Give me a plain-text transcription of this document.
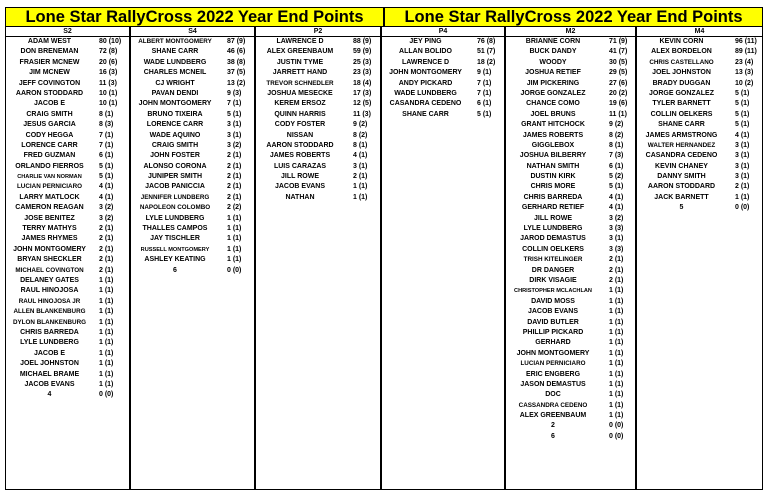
Lone Star RallyCross 2022 Year End Points	Lone Star RallyCross 2022 Year End Points
S2
ADAM WEST	80 (10)
DON BRENEMAN	72 (8)
FRASIER MCNEW	20 (6)
JIM MCNEW	16 (3)
JEFF COVINGTON	11 (3)
AARON STODDARD	10 (1)
JACOB E	10 (1)
CRAIG SMITH	8 (1)
JESUS GARCIA	8 (3)
CODY HEGGA	7 (1)
LORENCE CARR	7 (1)
FRED GUZMAN	6 (1)
ORLANDO FIERROS	5 (1)
CHARLIE VAN NORMAN	5 (1)
LUCIAN PERNICIARO	4 (1)
LARRY MATLOCK	4 (1)
CAMERON REAGAN	3 (2)
JOSE BENITEZ	3 (2)
TERRY MATHYS	2 (1)
JAMES RHYMES	2 (1)
JOHN MONTGOMERY	2 (1)
BRYAN SHECKLER	2 (1)
MICHAEL COVINGTON	2 (1)
DELANEY GATES	1 (1)
RAUL HINOJOSA	1 (1)
RAUL HINOJOSA JR	1 (1)
ALLEN BLANKENBURG	1 (1)
DYLON BLANKENBURG	1 (1)
CHRIS BARREDA	1 (1)
LYLE LUNDBERG	1 (1)
JACOB E	1 (1)
JOEL JOHNSTON	1 (1)
MICHAEL BRAME	1 (1)
JACOB EVANS	1 (1)
4	0 (0)
S4
ALBERT MONTGOMERY	87 (9)
SHANE CARR	46 (6)
WADE LUNDBERG	38 (8)
CHARLES MCNEIL	37 (5)
CJ WRIGHT	13 (2)
PAVAN DENDI	9 (3)
JOHN MONTGOMERY	7 (1)
BRUNO TIXEIRA	5 (1)
LORENCE CARR	3 (1)
WADE AQUINO	3 (1)
CRAIG SMITH	3 (2)
JOHN FOSTER	2 (1)
ALONSO CORONA	2 (1)
JUNIPER SMITH	2 (1)
JACOB PANICCIA	2 (1)
JENNIFER LUNDBERG	2 (1)
NAPOLEON COLOMBO	2 (2)
LYLE LUNDBERG	1 (1)
THALLES CAMPOS	1 (1)
JAY TISCHLER	1 (1)
RUSSELL MONTGOMERY	1 (1)
ASHLEY KEATING	1 (1)
6	0 (0)
P2
LAWRENCE D	88 (9)
ALEX GREENBAUM	59 (9)
JUSTIN TYME	25 (3)
JARRETT HAND	23 (3)
TREVOR SCHNEDLER	18 (4)
JOSHUA MESECKE	17 (3)
KEREM ERSOZ	12 (5)
QUINN HARRIS	11 (3)
CODY FOSTER	9 (2)
NISSAN	8 (2)
AARON STODDARD	8 (1)
JAMES ROBERTS	4 (1)
LUIS CARAZAS	3 (1)
JILL ROWE	2 (1)
JACOB EVANS	1 (1)
NATHAN	1 (1)
P4
JEY PING	76 (8)
ALLAN BOLIDO	51 (7)
LAWRENCE D	18 (2)
JOHN MONTGOMERY	9 (1)
ANDY PICKARD	7 (1)
WADE LUNDBERG	7 (1)
CASANDRA CEDENO	6 (1)
SHANE CARR	5 (1)
M2
BRIANNE CORN	71 (9)
BUCK DANDY	41 (7)
WOODY	30 (5)
JOSHUA RETIEF	29 (5)
JIM PICKERING	27 (6)
JORGE GONZALEZ	20 (2)
CHANCE COMO	19 (6)
JOEL BRUNS	11 (1)
GRANT HITCHOCK	9 (2)
JAMES ROBERTS	8 (2)
GIGGLEBOX	8 (1)
JOSHUA BILBERRY	7 (3)
NATHAN SMITH	6 (1)
DUSTIN KIRK	5 (2)
CHRIS MORE	5 (1)
CHRIS BARREDA	4 (1)
GERHARD RETIEF	4 (1)
JILL ROWE	3 (2)
LYLE LUNDBERG	3 (3)
JAROD DEMASTUS	3 (1)
COLLIN OELKERS	3 (3)
TRISH KITELINGER	2 (1)
DR DANGER	2 (1)
DIRK VISAGIE	2 (1)
CHRISTOPHER MCLACHLAN	1 (1)
DAVID MOSS	1 (1)
JACOB EVANS	1 (1)
DAVID BUTLER	1 (1)
PHILLIP PICKARD	1 (1)
GERHARD	1 (1)
JOHN MONTGOMERY	1 (1)
LUCIAN PERNICIARO	1 (1)
ERIC ENGBERG	1 (1)
JASON DEMASTUS	1 (1)
DOC	1 (1)
CASSANDRA CEDENO	1 (1)
ALEX GREENBAUM	1 (1)
2	0 (0)
6	0 (0)
M4
KEVIN CORN	96 (11)
ALEX BORDELON	89 (11)
CHRIS CASTELLANO	23 (4)
JOEL JOHNSTON	13 (3)
BRADY DUGGAN	10 (2)
JORGE GONZALEZ	5 (1)
TYLER BARNETT	5 (1)
COLLIN OELKERS	5 (1)
SHANE CARR	5 (1)
JAMES ARMSTRONG	4 (1)
WALTER HERNANDEZ	3 (1)
CASANDRA CEDENO	3 (1)
KEVIN CHANEY	3 (1)
DANNY SMITH	3 (1)
AARON STODDARD	2 (1)
JACK BARNETT	1 (1)
5	0 (0)
